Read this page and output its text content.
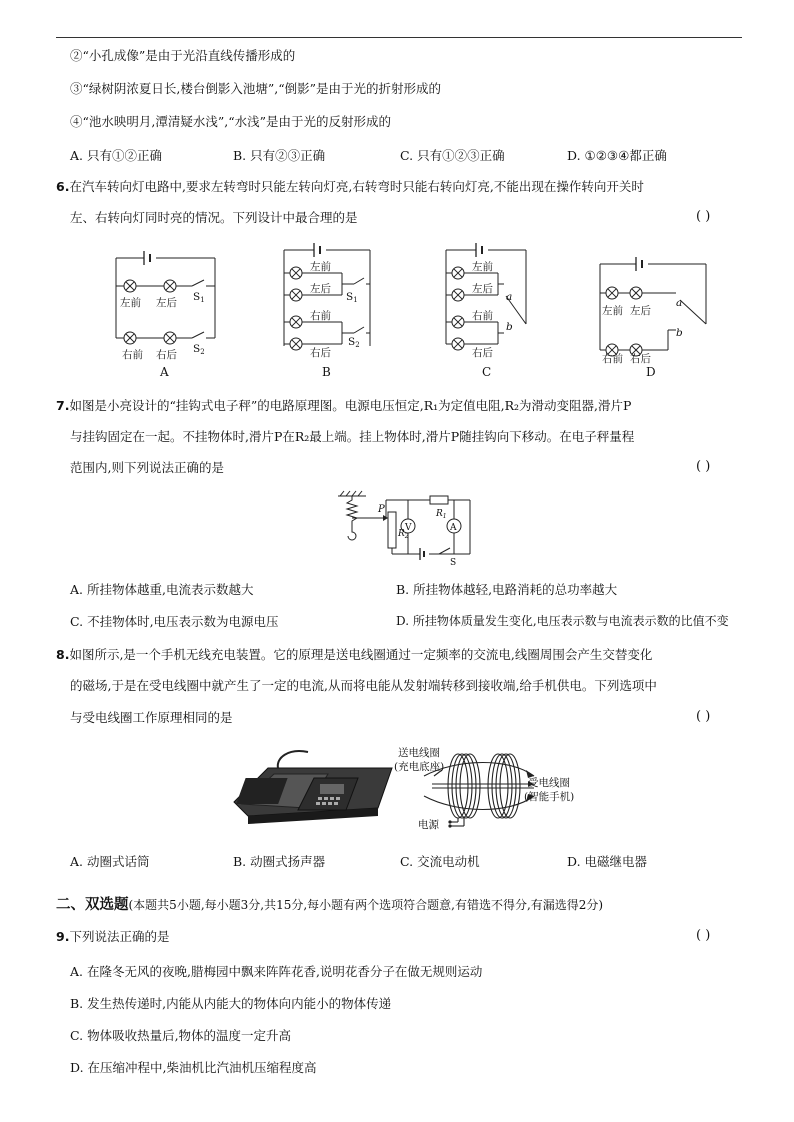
②“小孔成像”是由于光沿直线传播形成的
③“绿树阴浓夏日长,楼台倒影入池塘”,“倒影”是由于光的折射形成的
④“池水映明月,潭清疑水浅”,“水浅”是由于光的反射形成的
A. 只有①②正确	B. 只有②③正确	C. 只有①②③正确	D. ①②③④都正确
6.在汽车转向灯电路中,要求左转弯时只能左转向灯亮,右转弯时只能右转向灯亮,不能出现在操作转向开关时
左、右转向灯同时亮的情况。下列设计中最合理的是	( )
左前 左后 S1
右前 右后 S2
A
左前
左后
S1
右前
右后
S2
B
左前
左后
a
右前
b
右后
C
左前 左后
a
b
右前 右后
D
7.如图是小亮设计的“挂钩式电子秤”的电路原理图。电源电压恒定,R₁为定值电阻,R₂为滑动变阻器,滑片P
与挂钩固定在一起。不挂物体时,滑片P在R₂最上端。挂上物体时,滑片P随挂钩向下移动。在电子秤量程
范围内,则下列说法正确的是	( )
P
$R_2$
$R_1$
V	A
S
A. 所挂物体越重,电流表示数越大	B. 所挂物体越轻,电路消耗的总功率越大
C. 不挂物体时,电压表示数为电源电压	D. 所挂物体质量发生变化,电压表示数与电流表示数的比值不变
8.如图所示,是一个手机无线充电装置。它的原理是送电线圈通过一定频率的交流电,线圈周围会产生交替变化
的磁场,于是在受电线圈中就产生了一定的电流,从而将电能从发射端转移到接收端,给手机供电。下列选项中
与受电线圈工作原理相同的是	( )
送电线圈
(充电底座)
受电线圈
(智能手机)
电源
A. 动圈式话筒	B. 动圈式扬声器	C. 交流电动机	D. 电磁继电器
二、双选题(本题共5小题,每小题3分,共15分,每小题有两个选项符合题意,有错选不得分,有漏选得2分)
9.下列说法正确的是	( )
A. 在隆冬无风的夜晚,腊梅园中飘来阵阵花香,说明花香分子在做无规则运动
B. 发生热传递时,内能从内能大的物体向内能小的物体传递
C. 物体吸收热量后,物体的温度一定升高
D. 在压缩冲程中,柴油机比汽油机压缩程度高
